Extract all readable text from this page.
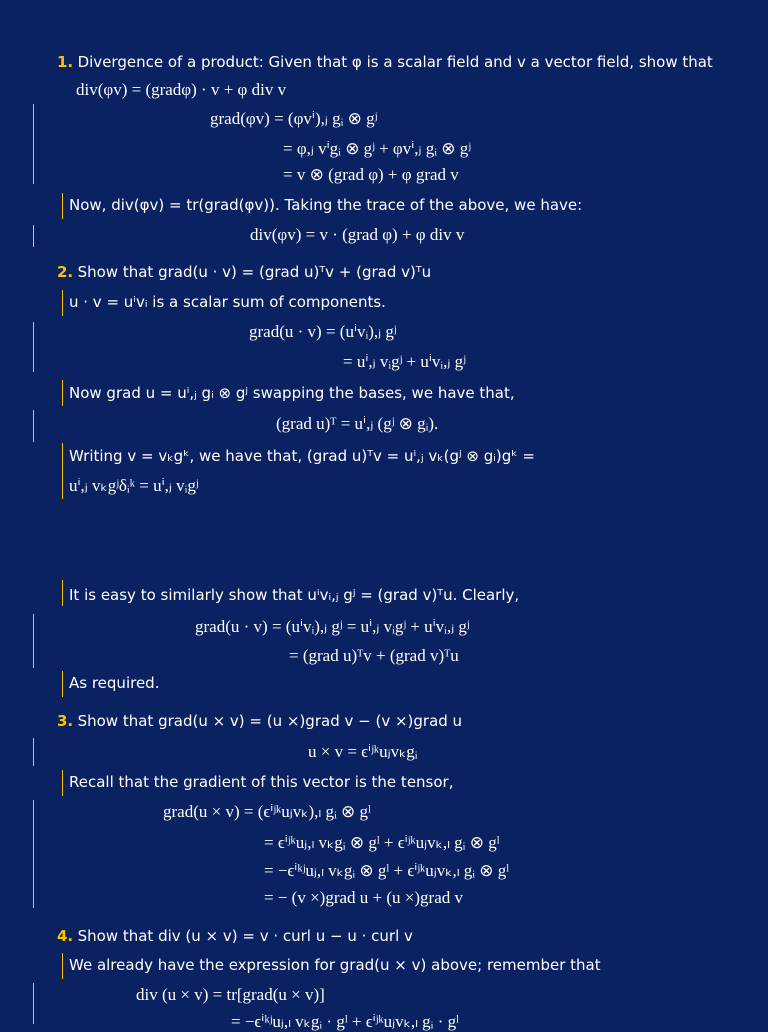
1. Divergence of a product: Given that φ is a scalar field and v a vector field, show that
div(φv) = (gradφ) · v + φ div v
grad(φv) = (φvⁱ),ⱼ gᵢ ⊗ gʲ
= φ,ⱼ vⁱgᵢ ⊗ gʲ + φvⁱ,ⱼ gᵢ ⊗ gʲ
= v ⊗ (grad φ) + φ grad v
Now, div(φv) = tr(grad(φv)). Taking the trace of the above, we have:
div(φv) = v · (grad φ) + φ div v
2. Show that grad(u · v) = (grad u)ᵀv + (grad v)ᵀu
u · v = uⁱvᵢ is a scalar sum of components.
grad(u · v) = (uⁱvᵢ),ⱼ gʲ
= uⁱ,ⱼ vᵢgʲ + uⁱvᵢ,ⱼ gʲ
Now grad u = uⁱ,ⱼ gᵢ ⊗ gʲ swapping the bases, we have that,
(grad u)ᵀ = uⁱ,ⱼ (gʲ ⊗ gᵢ).
Writing v = vₖgᵏ, we have that, (grad u)ᵀv = uⁱ,ⱼ vₖ(gʲ ⊗ gᵢ)gᵏ =
uⁱ,ⱼ vₖgʲδᵢᵏ = uⁱ,ⱼ vᵢgʲ
It is easy to similarly show that uⁱvᵢ,ⱼ gʲ = (grad v)ᵀu. Clearly,
grad(u · v) = (uⁱvᵢ),ⱼ gʲ = uⁱ,ⱼ vᵢgʲ + uⁱvᵢ,ⱼ gʲ
= (grad u)ᵀv + (grad v)ᵀu
As required.
3. Show that grad(u × v) = (u ×)grad v − (v ×)grad u
u × v = ϵⁱʲᵏuⱼvₖgᵢ
Recall that the gradient of this vector is the tensor,
grad(u × v) = (ϵⁱʲᵏuⱼvₖ),ₗ gᵢ ⊗ gˡ
= ϵⁱʲᵏuⱼ,ₗ vₖgᵢ ⊗ gˡ + ϵⁱʲᵏuⱼvₖ,ₗ gᵢ ⊗ gˡ
= −ϵⁱᵏʲuⱼ,ₗ vₖgᵢ ⊗ gˡ + ϵⁱʲᵏuⱼvₖ,ₗ gᵢ ⊗ gˡ
= − (v ×)grad u + (u ×)grad v
4. Show that div (u × v) = v · curl u − u · curl v
We already have the expression for grad(u × v) above; remember that
div (u × v) = tr[grad(u × v)]
= −ϵⁱᵏʲuⱼ,ₗ vₖgᵢ · gˡ + ϵⁱʲᵏuⱼvₖ,ₗ gᵢ · gˡ
